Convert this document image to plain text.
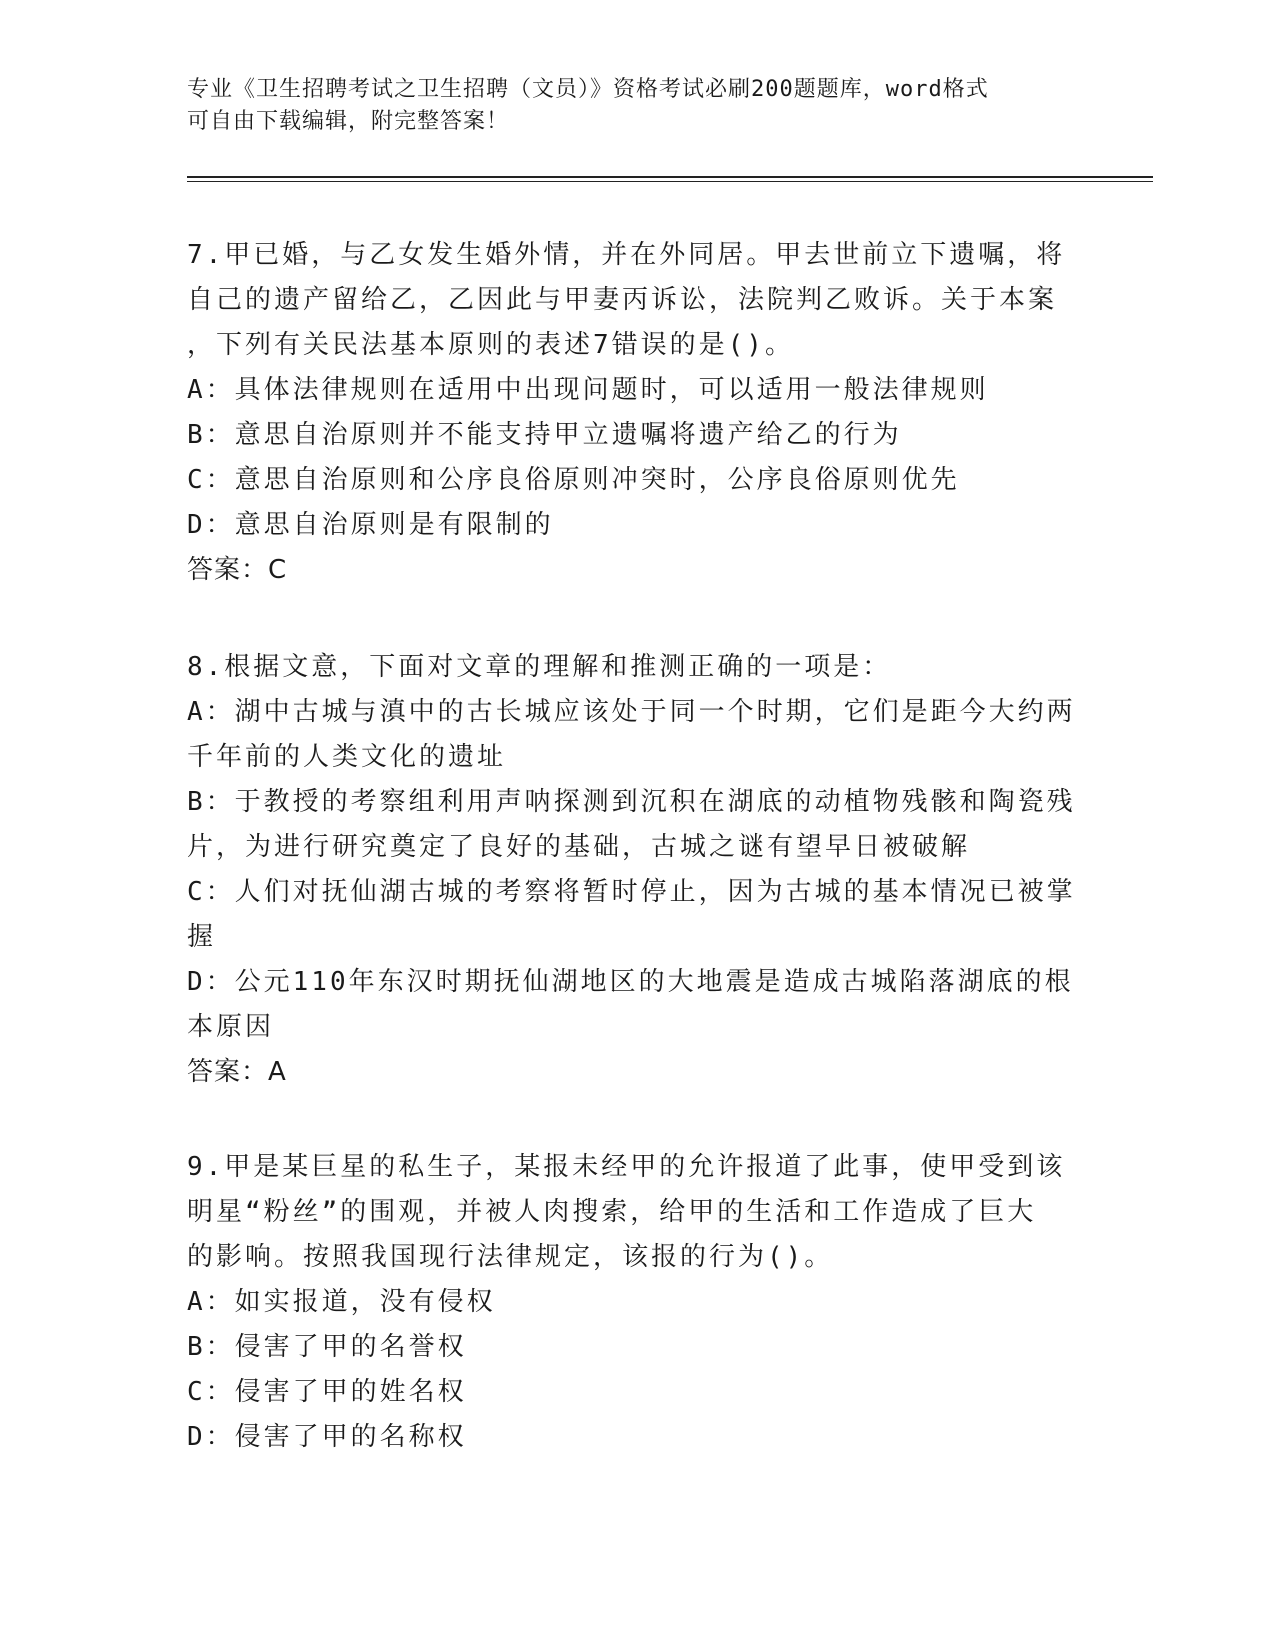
专业《卫生招聘考试之卫生招聘（文员）》资格考试必刷200题题库，word格式
可自由下载编辑，附完整答案！
7.甲已婚，与乙女发生婚外情，并在外同居。甲去世前立下遗嘱，将
自己的遗产留给乙，乙因此与甲妻丙诉讼，法院判乙败诉。关于本案
，下列有关民法基本原则的表述7错误的是()。
A：具体法律规则在适用中出现问题时，可以适用一般法律规则
B：意思自治原则并不能支持甲立遗嘱将遗产给乙的行为
C：意思自治原则和公序良俗原则冲突时，公序良俗原则优先
D：意思自治原则是有限制的
答案：C
8.根据文意，下面对文章的理解和推测正确的一项是：
A：湖中古城与滇中的古长城应该处于同一个时期，它们是距今大约两
千年前的人类文化的遗址
B：于教授的考察组利用声呐探测到沉积在湖底的动植物残骸和陶瓷残
片，为进行研究奠定了良好的基础，古城之谜有望早日被破解
C：人们对抚仙湖古城的考察将暂时停止，因为古城的基本情况已被掌
握
D：公元110年东汉时期抚仙湖地区的大地震是造成古城陷落湖底的根
本原因
答案：A
9.甲是某巨星的私生子，某报未经甲的允许报道了此事，使甲受到该
明星“粉丝”的围观，并被人肉搜索，给甲的生活和工作造成了巨大
的影响。按照我国现行法律规定，该报的行为()。
A：如实报道，没有侵权
B：侵害了甲的名誉权
C：侵害了甲的姓名权
D：侵害了甲的名称权
